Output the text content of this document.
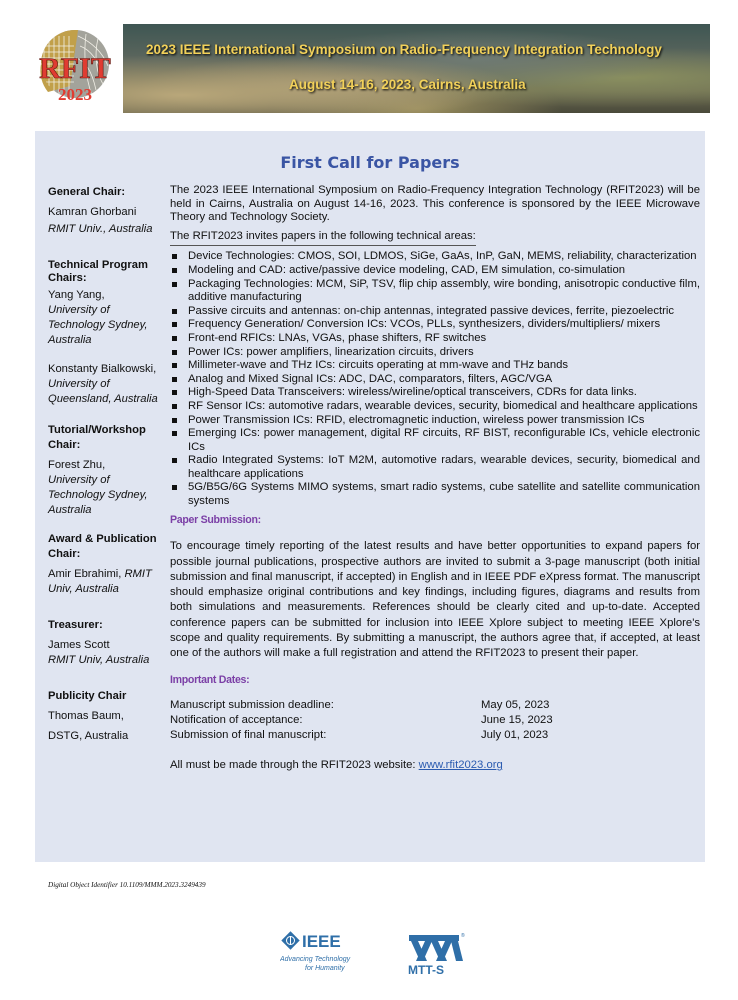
RFIT
2023
2023 IEEE International Symposium on Radio-Frequency Integration Technology
August 14-16, 2023, Cairns, Australia
First Call for Papers
General Chair:
Kamran Ghorbani
RMIT Univ., Australia
Technical Program Chairs:
Yang Yang,
University of Technology Sydney, Australia
Konstanty Bialkowski,
University of Queensland, Australia
Tutorial/Workshop Chair:
Forest Zhu,
University of Technology Sydney, Australia
Award & Publication Chair:
Amir Ebrahimi, RMIT Univ, Australia
Treasurer:
James Scott
RMIT Univ, Australia
Publicity Chair
Thomas Baum,
DSTG, Australia

The 2023 IEEE International Symposium on Radio-Frequency Integration Technology (RFIT2023) will be held in Cairns, Australia on August 14-16, 2023. This conference is sponsored by the IEEE Microwave Theory and Technology Society.

The RFIT2023 invites papers in the following technical areas:
Device Technologies: CMOS, SOI, LDMOS, SiGe, GaAs, InP, GaN, MEMS, reliability, characterization
Modeling and CAD: active/passive device modeling, CAD, EM simulation, co-simulation
Packaging Technologies: MCM, SiP, TSV, flip chip assembly, wire bonding, anisotropic conductive film, additive manufacturing
Passive circuits and antennas: on-chip antennas, integrated passive devices, ferrite, piezoelectric
Frequency Generation/ Conversion ICs: VCOs, PLLs, synthesizers, dividers/multipliers/ mixers
Front-end RFICs: LNAs, VGAs, phase shifters, RF switches
Power ICs: power amplifiers, linearization circuits, drivers
Millimeter-wave and THz ICs: circuits operating at mm-wave and THz bands
Analog and Mixed Signal ICs: ADC, DAC, comparators, filters, AGC/VGA
High-Speed Data Transceivers: wireless/wireline/optical transceivers, CDRs for data links.
RF Sensor ICs: automotive radars, wearable devices, security, biomedical and healthcare applications
Power Transmission ICs: RFID, electromagnetic induction, wireless power transmission ICs
Emerging ICs: power management, digital RF circuits, RF BIST, reconfigurable ICs, vehicle electronic ICs
Radio Integrated Systems: IoT M2M, automotive radars, wearable devices, security, biomedical and healthcare applications
5G/B5G/6G Systems MIMO systems, smart radio systems, cube satellite and satellite communication systems
Paper Submission:
To encourage timely reporting of the latest results and have better opportunities to expand papers for possible journal publications, prospective authors are invited to submit a 3-page manuscript (both initial submission and final manuscript, if accepted) in English and in IEEE PDF eXpress format. The manuscript should emphasize original contributions and key findings, including figures, diagrams and results from both simulations and measurements. References should be clearly cited and up-to-date. Accepted conference papers can be submitted for inclusion into IEEE Xplore subject to meeting IEEE Xplore's scope and quality requirements. By submitting a manuscript, the authors agree that, if accepted, at least one of the authors will make a full registration and attend the RFIT2023 to present their paper.
Important Dates:
Manuscript submission deadline:	May 05, 2023
Notification of acceptance:	June 15, 2023
Submission of final manuscript:	July 01, 2023
All must be made through the RFIT2023 website: www.rfit2023.org
Digital Object Identifier 10.1109/MMM.2023.3249439
IEEE
Advancing Technology
for Humanity
®
MTT-S
